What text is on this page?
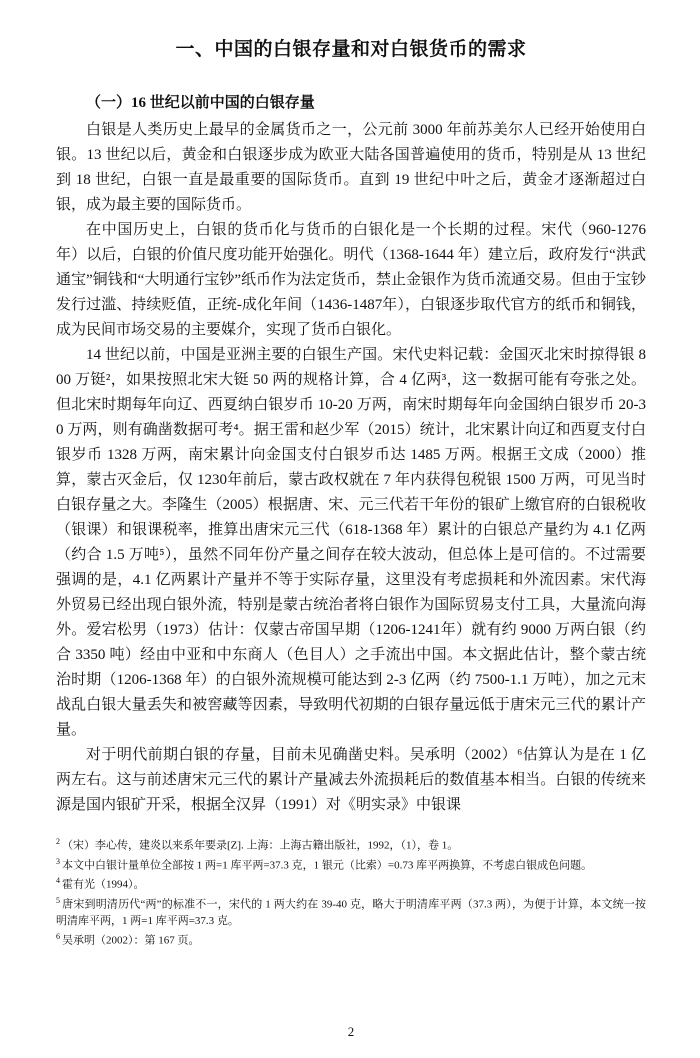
一、中国的白银存量和对白银货币的需求
（一）16 世纪以前中国的白银存量

白银是人类历史上最早的金属货币之一，公元前 3000 年前苏美尔人已经开始使用白银。13 世纪以后，黄金和白银逐步成为欧亚大陆各国普遍使用的货币，特别是从 13 世纪到 18 世纪，白银一直是最重要的国际货币。直到 19 世纪中叶之后，黄金才逐渐超过白银，成为最主要的国际货币。

在中国历史上，白银的货币化与货币的白银化是一个长期的过程。宋代（960-1276 年）以后，白银的价值尺度功能开始强化。明代（1368-1644 年）建立后，政府发行“洪武通宝”铜钱和“大明通行宝钞”纸币作为法定货币，禁止金银作为货币流通交易。但由于宝钞发行过滥、持续贬值，正统-成化年间（1436-1487年），白银逐步取代官方的纸币和铜钱，成为民间市场交易的主要媒介，实现了货币白银化。

14 世纪以前，中国是亚洲主要的白银生产国。宋代史料记载：金国灭北宋时掠得银 800 万铤²，如果按照北宋大铤 50 两的规格计算，合 4 亿两³，这一数据可能有夸张之处。但北宋时期每年向辽、西夏纳白银岁币 10-20 万两，南宋时期每年向金国纳白银岁币 20-30 万两，则有确凿数据可考⁴。据王雷和赵少军（2015）统计，北宋累计向辽和西夏支付白银岁币 1328 万两，南宋累计向金国支付白银岁币达 1485 万两。根据王文成（2000）推算，蒙古灭金后，仅 1230年前后，蒙古政权就在 7 年内获得包税银 1500 万两，可见当时白银存量之大。李隆生（2005）根据唐、宋、元三代若干年份的银矿上缴官府的白银税收（银课）和银课税率，推算出唐宋元三代（618-1368 年）累计的白银总产量约为 4.1 亿两（约合 1.5 万吨⁵），虽然不同年份产量之间存在较大波动，但总体上是可信的。不过需要强调的是，4.1 亿两累计产量并不等于实际存量，这里没有考虑损耗和外流因素。宋代海外贸易已经出现白银外流，特别是蒙古统治者将白银作为国际贸易支付工具，大量流向海外。爱宕松男（1973）估计：仅蒙古帝国早期（1206-1241年）就有约 9000 万两白银（约合 3350 吨）经由中亚和中东商人（色目人）之手流出中国。本文据此估计，整个蒙古统治时期（1206-1368 年）的白银外流规模可能达到 2-3 亿两（约 7500-1.1 万吨），加之元末战乱白银大量丢失和被窖藏等因素，导致明代初期的白银存量远低于唐宋元三代的累计产量。

对于明代前期白银的存量，目前未见确凿史料。吴承明（2002）⁶估算认为是在 1 亿两左右。这与前述唐宋元三代的累计产量减去外流损耗后的数值基本相当。白银的传统来源是国内银矿开采，根据全汉昇（1991）对《明实录》中银课

$^2$ （宋）李心传，建炎以来系年要录[Z]. 上海：上海古籍出版社，1992，（1），卷 1。

$^3$ 本文中白银计量单位全部按 1 两=1 库平两=37.3 克，1 银元（比索）=0.73 库平两换算，不考虑白银成色问题。

$^4$ 霍有光（1994）。

$^5$ 唐宋到明清历代“两”的标准不一，宋代的 1 两大约在 39-40 克，略大于明清库平两（37.3 两），为便于计算，本文统一按明清库平两，1 两=1 库平两=37.3 克。

$^6$ 吴承明（2002）：第 167 页。

2
